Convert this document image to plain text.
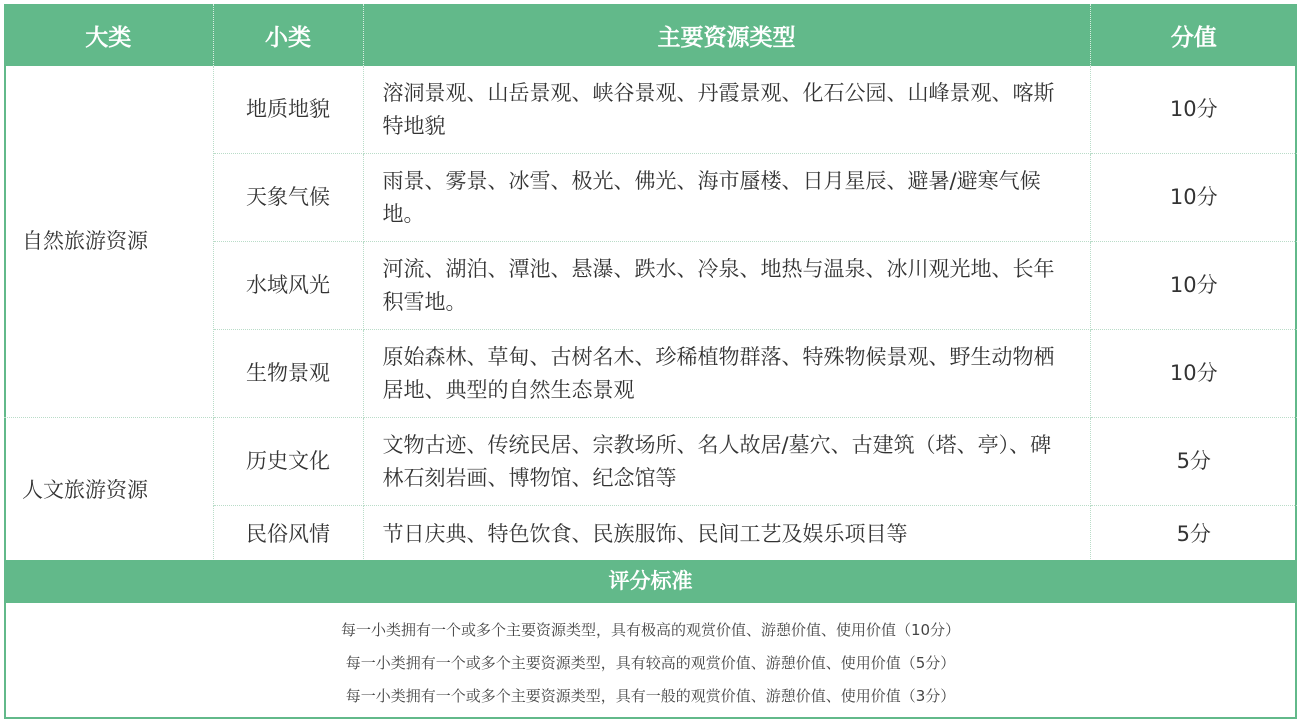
大类	小类	主要资源类型	分值
自然旅游资源	地质地貌	溶洞景观、山岳景观、峡谷景观、丹霞景观、化石公园、山峰景观、喀斯特地貌	10分
	天象气候	雨景、雾景、冰雪、极光、佛光、海市蜃楼、日月星辰、避暑/避寒气候地。	10分
	水域风光	河流、湖泊、潭池、悬瀑、跌水、冷泉、地热与温泉、冰川观光地、长年积雪地。	10分
	生物景观	原始森林、草甸、古树名木、珍稀植物群落、特殊物候景观、野生动物栖居地、典型的自然生态景观	10分
人文旅游资源	历史文化	文物古迹、传统民居、宗教场所、名人故居/墓穴、古建筑（塔、亭）、碑林石刻岩画、博物馆、纪念馆等	5分
	民俗风情	节日庆典、特色饮食、民族服饰、民间工艺及娱乐项目等	5分
评分标准
每一小类拥有一个或多个主要资源类型，具有极高的观赏价值、游憩价值、使用价值（10分）
每一小类拥有一个或多个主要资源类型，具有较高的观赏价值、游憩价值、使用价值（5分）
每一小类拥有一个或多个主要资源类型，具有一般的观赏价值、游憩价值、使用价值（3分）
